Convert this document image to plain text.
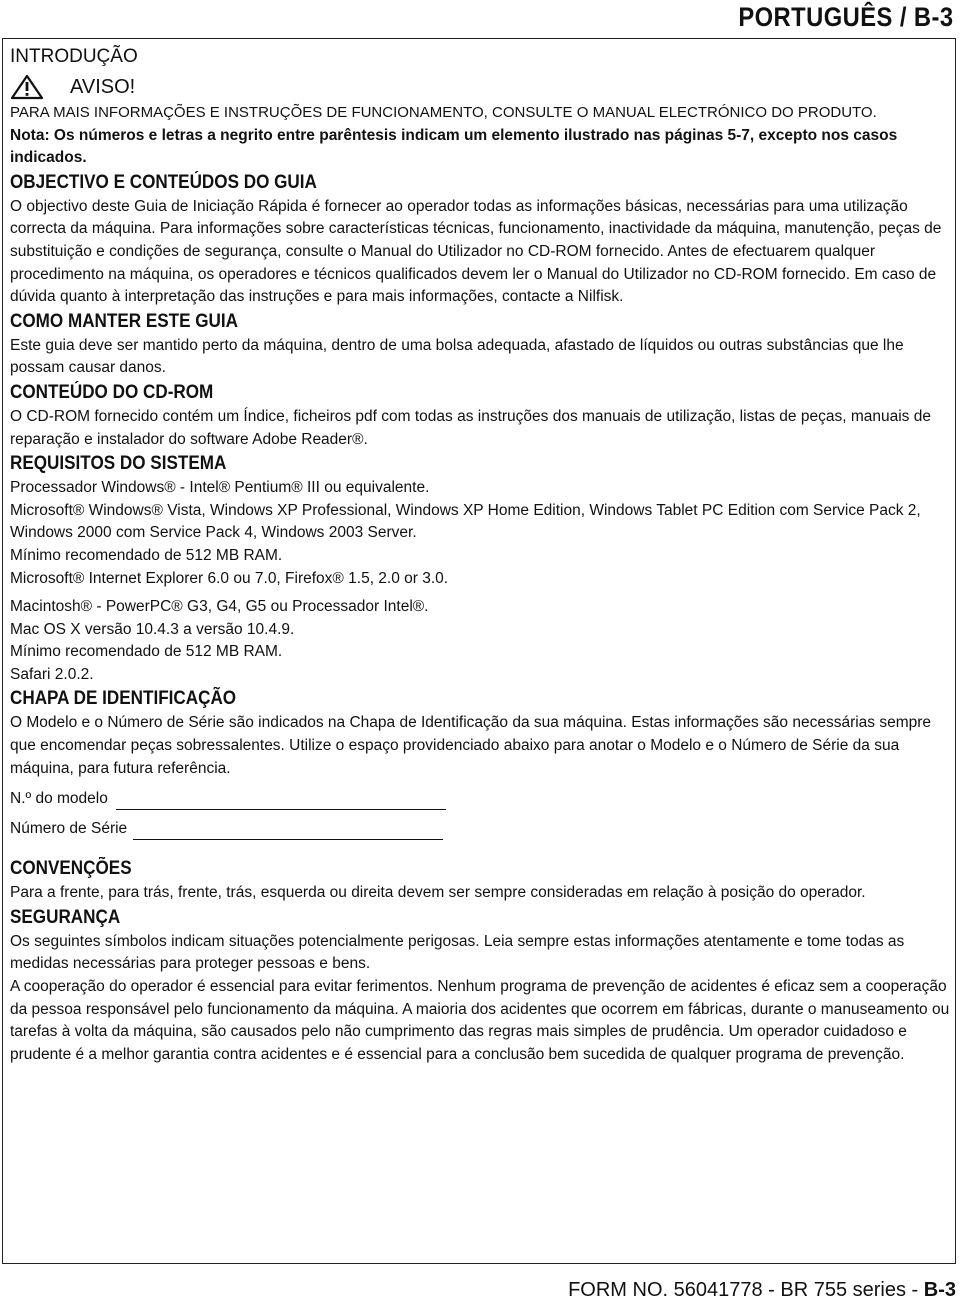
PORTUGUÊS / B-3
INTRODUÇÃO
AVISO!

PARA MAIS INFORMAÇÕES E INSTRUÇÕES DE FUNCIONAMENTO, CONSULTE O MANUAL ELECTRÓNICO DO PRODUTO.

Nota: Os números e letras a negrito entre parêntesis indicam um elemento ilustrado nas páginas 5-7, excepto nos casos indicados.

OBJECTIVO E CONTEÚDOS DO GUIA

O objectivo deste Guia de Iniciação Rápida é fornecer ao operador todas as informações básicas, necessárias para uma utilização correcta da máquina. Para informações sobre características técnicas, funcionamento, inactividade da máquina, manutenção, peças de substituição e condições de segurança, consulte o Manual do Utilizador no CD-ROM fornecido. Antes de efectuarem qualquer procedimento na máquina, os operadores e técnicos qualificados devem ler o Manual do Utilizador no CD-ROM fornecido. Em caso de dúvida quanto à interpretação das instruções e para mais informações, contacte a Nilfisk.

COMO MANTER ESTE GUIA

Este guia deve ser mantido perto da máquina, dentro de uma bolsa adequada, afastado de líquidos ou outras substâncias que lhe possam causar danos.

CONTEÚDO DO CD-ROM

O CD-ROM fornecido contém um Índice, ficheiros pdf com todas as instruções dos manuais de utilização, listas de peças, manuais de reparação e instalador do software Adobe Reader®.

REQUISITOS DO SISTEMA

Processador Windows® - Intel® Pentium® III ou equivalente.

Microsoft® Windows® Vista, Windows XP Professional, Windows XP Home Edition, Windows Tablet PC Edition com Service Pack 2, Windows 2000 com Service Pack 4, Windows 2003 Server.

Mínimo recomendado de 512 MB RAM.

Microsoft® Internet Explorer 6.0 ou 7.0, Firefox® 1.5, 2.0 or 3.0.

Macintosh® - PowerPC® G3, G4, G5 ou Processador Intel®.

Mac OS X versão 10.4.3 a versão 10.4.9.

Mínimo recomendado de 512 MB RAM.

Safari 2.0.2.

CHAPA DE IDENTIFICAÇÃO

O Modelo e o Número de Série são indicados na Chapa de Identificação da sua máquina. Estas informações são necessárias sempre que encomendar peças sobressalentes. Utilize o espaço providenciado abaixo para anotar o Modelo e o Número de Série da sua máquina, para futura referência.

N.º do modelo
Número de Série
CONVENÇÕES

Para a frente, para trás, frente, trás, esquerda ou direita devem ser sempre consideradas em relação à posição do operador.

SEGURANÇA

Os seguintes símbolos indicam situações potencialmente perigosas. Leia sempre estas informações atentamente e tome todas as medidas necessárias para proteger pessoas e bens.

A cooperação do operador é essencial para evitar ferimentos. Nenhum programa de prevenção de acidentes é eficaz sem a cooperação da pessoa responsável pelo funcionamento da máquina. A maioria dos acidentes que ocorrem em fábricas, durante o manuseamento ou tarefas à volta da máquina, são causados pelo não cumprimento das regras mais simples de prudência. Um operador cuidadoso e prudente é a melhor garantia contra acidentes e é essencial para a conclusão bem sucedida de qualquer programa de prevenção.

FORM NO. 56041778 - BR 755 series - B-3
